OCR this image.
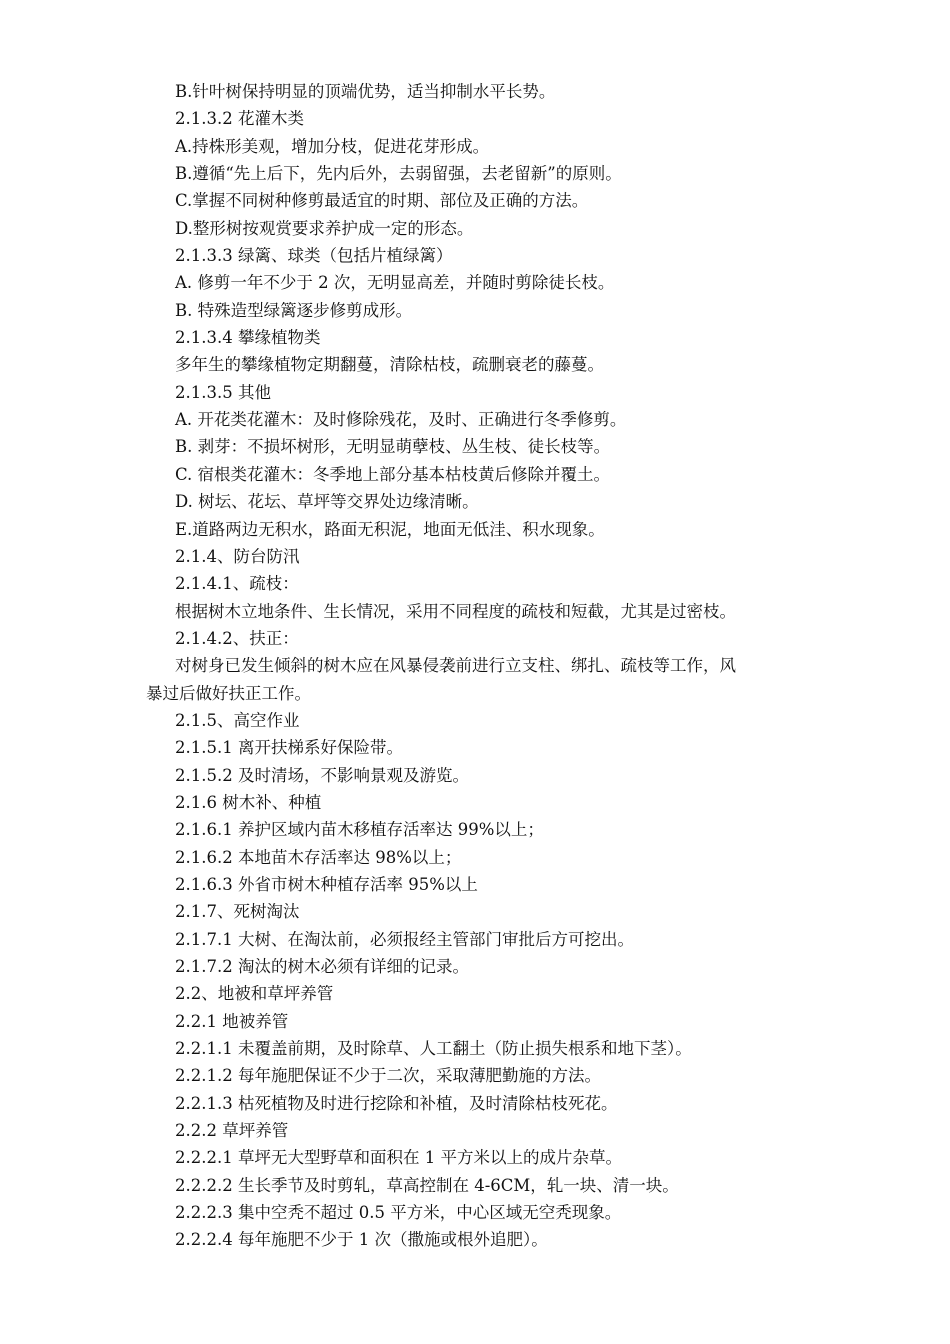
B.针叶树保持明显的顶端优势，适当抑制水平长势。

2.1.3.2 花灌木类

A.持株形美观，增加分枝，促进花芽形成。

B.遵循“先上后下，先内后外，去弱留强，去老留新”的原则。

C.掌握不同树种修剪最适宜的时期、部位及正确的方法。

D.整形树按观赏要求养护成一定的形态。

2.1.3.3 绿篱、球类（包括片植绿篱）

A. 修剪一年不少于 2 次，无明显高差，并随时剪除徒长枝。

B. 特殊造型绿篱逐步修剪成形。

2.1.3.4 攀缘植物类

多年生的攀缘植物定期翻蔓，清除枯枝，疏删衰老的藤蔓。

2.1.3.5 其他

A. 开花类花灌木：及时修除残花，及时、正确进行冬季修剪。

B. 剥芽：不损坏树形，无明显萌孽枝、丛生枝、徒长枝等。

C. 宿根类花灌木：冬季地上部分基本枯枝黄后修除并覆土。

D. 树坛、花坛、草坪等交界处边缘清晰。

E.道路两边无积水，路面无积泥，地面无低洼、积水现象。

2.1.4、防台防汛

2.1.4.1、疏枝：

根据树木立地条件、生长情况，采用不同程度的疏枝和短截，尤其是过密枝。

2.1.4.2、扶正：

对树身已发生倾斜的树木应在风暴侵袭前进行立支柱、绑扎、疏枝等工作，风

暴过后做好扶正工作。

2.1.5、高空作业

2.1.5.1 离开扶梯系好保险带。

2.1.5.2 及时清场，不影响景观及游览。

2.1.6 树木补、种植

2.1.6.1 养护区域内苗木移植存活率达 99%以上；

2.1.6.2 本地苗木存活率达 98%以上；

2.1.6.3 外省市树木种植存活率 95%以上

2.1.7、死树淘汰

2.1.7.1 大树、在淘汰前，必须报经主管部门审批后方可挖出。

2.1.7.2 淘汰的树木必须有详细的记录。

2.2、地被和草坪养管

2.2.1 地被养管

2.2.1.1 未覆盖前期，及时除草、人工翻土（防止损失根系和地下茎）。

2.2.1.2 每年施肥保证不少于二次，采取薄肥勤施的方法。

2.2.1.3 枯死植物及时进行挖除和补植，及时清除枯枝死花。

2.2.2 草坪养管

2.2.2.1 草坪无大型野草和面积在 1 平方米以上的成片杂草。

2.2.2.2 生长季节及时剪轧，草高控制在 4-6CM，轧一块、清一块。

2.2.2.3 集中空秃不超过 0.5 平方米，中心区域无空秃现象。

2.2.2.4 每年施肥不少于 1 次（撒施或根外追肥）。
